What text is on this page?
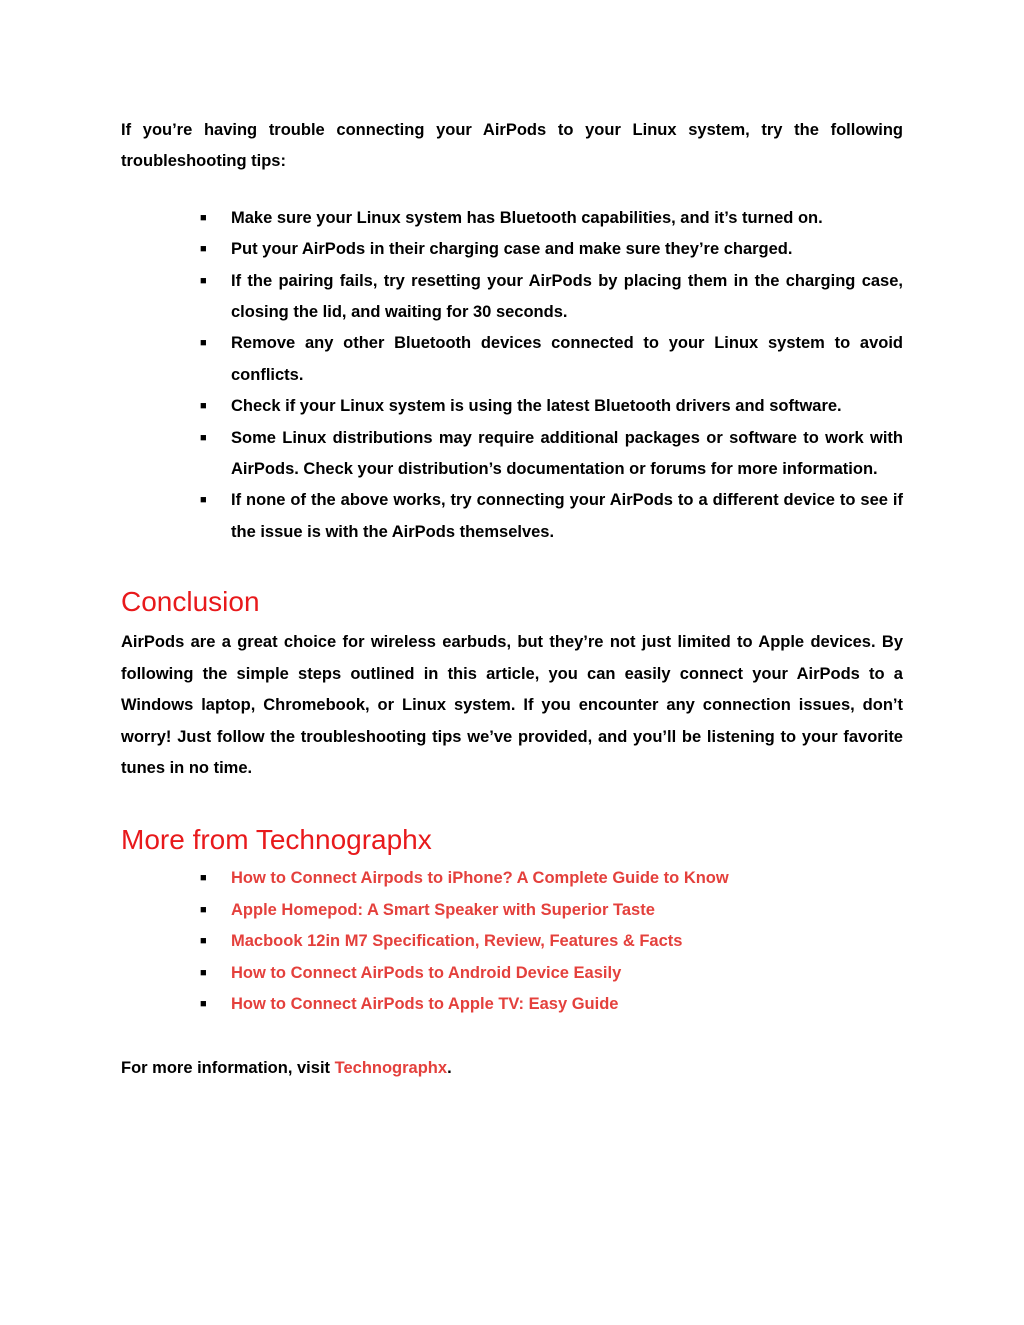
If you’re having trouble connecting your AirPods to your Linux system, try the following troubleshooting tips:

■ Make sure your Linux system has Bluetooth capabilities, and it’s turned on.
■ Put your AirPods in their charging case and make sure they’re charged.
■ If the pairing fails, try resetting your AirPods by placing them in the charging case, closing the lid, and waiting for 30 seconds.
■ Remove any other Bluetooth devices connected to your Linux system to avoid conflicts.
■ Check if your Linux system is using the latest Bluetooth drivers and software.
■ Some Linux distributions may require additional packages or software to work with AirPods. Check your distribution’s documentation or forums for more information.
■ If none of the above works, try connecting your AirPods to a different device to see if the issue is with the AirPods themselves.
Conclusion

AirPods are a great choice for wireless earbuds, but they’re not just limited to Apple devices. By following the simple steps outlined in this article, you can easily connect your AirPods to a Windows laptop, Chromebook, or Linux system. If you encounter any connection issues, don’t worry! Just follow the troubleshooting tips we’ve provided, and you’ll be listening to your favorite tunes in no time.

More from Technographx
■ How to Connect Airpods to iPhone? A Complete Guide to Know
■ Apple Homepod: A Smart Speaker with Superior Taste
■ Macbook 12in M7 Specification, Review, Features & Facts
■ How to Connect AirPods to Android Device Easily
■ How to Connect AirPods to Apple TV: Easy Guide

For more information, visit Technographx.
